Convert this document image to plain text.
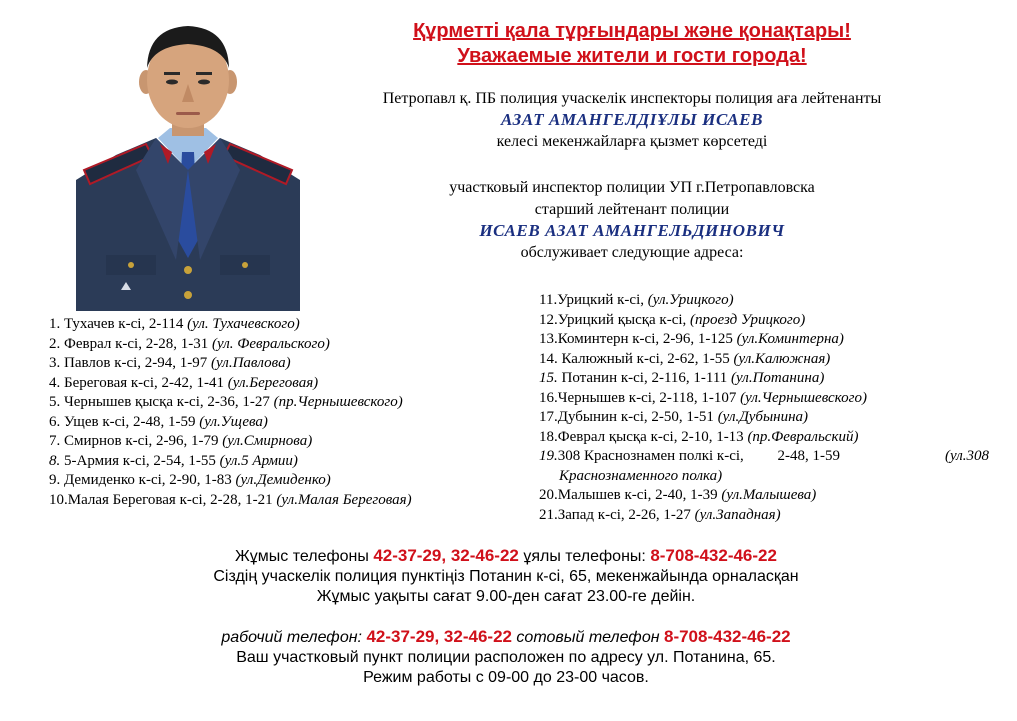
Құрметті қала тұрғындары және қонақтары!
Уважаемые жители и гости города!
Петропавл қ. ПБ полиция учаскелік инспекторы полиция аға лейтенанты
АЗАТ АМАНГЕЛДІҰЛЫ ИСАЕВ
келесі мекенжайларға қызмет көрсетеді
участковый инспектор полиции УП г.Петропавловска
старший лейтенант полиции
ИСАЕВ АЗАТ АМАНГЕЛЬДИНОВИЧ
обслуживает следующие адреса:
1. Тухачев к-сі, 2-114 (ул. Тухачевского)
2. Феврал к-сі, 2-28, 1-31 (ул. Февральского)
3. Павлов к-сі, 2-94, 1-97 (ул.Павлова)
4. Береговая к-сі, 2-42, 1-41 (ул.Береговая)
5. Чернышев қысқа к-сі, 2-36, 1-27 (пр.Чернышевского)
6. Ущев к-сі, 2-48, 1-59 (ул.Ущева)
7. Смирнов к-сі, 2-96, 1-79 (ул.Смирнова)
8. 5-Армия к-сі, 2-54, 1-55 (ул.5 Армии)
9. Демиденко к-сі, 2-90, 1-83 (ул.Демиденко)
10.Малая Береговая к-сі, 2-28, 1-21 (ул.Малая Береговая)
11.Урицкий к-сі, (ул.Урицкого)
12.Урицкий қысқа к-сі, (проезд Урицкого)
13.Коминтерн к-сі, 2-96, 1-125 (ул.Коминтерна)
14. Калюжный к-сі, 2-62, 1-55 (ул.Калюжная)
15. Потанин к-сі, 2-116, 1-111 (ул.Потанина)
16.Чернышев к-сі, 2-118, 1-107 (ул.Чернышевского)
17.Дубынин к-сі, 2-50, 1-51 (ул.Дубынина)
18.Феврал қысқа к-сі, 2-10, 1-13 (пр.Февральский)
19.308 Краснознамен полкі к-сі, 2-48, 1-59	(ул.308
Краснознаменного полка)
20.Малышев к-сі, 2-40, 1-39 (ул.Малышева)
21.Запад к-сі, 2-26, 1-27 (ул.Западная)
Жұмыс телефоны 42-37-29, 32-46-22 ұялы телефоны: 8-708-432-46-22
Сіздің учаскелік полиция пунктіңіз Потанин к-сі, 65, мекенжайында орналасқан
Жұмыс уақыты сағат 9.00-ден сағат 23.00-ге дейін.
рабочий телефон: 42-37-29, 32-46-22 сотовый телефон 8-708-432-46-22
Ваш участковый пункт полиции расположен по адресу ул. Потанина, 65.
Режим работы с 09-00 до 23-00 часов.
